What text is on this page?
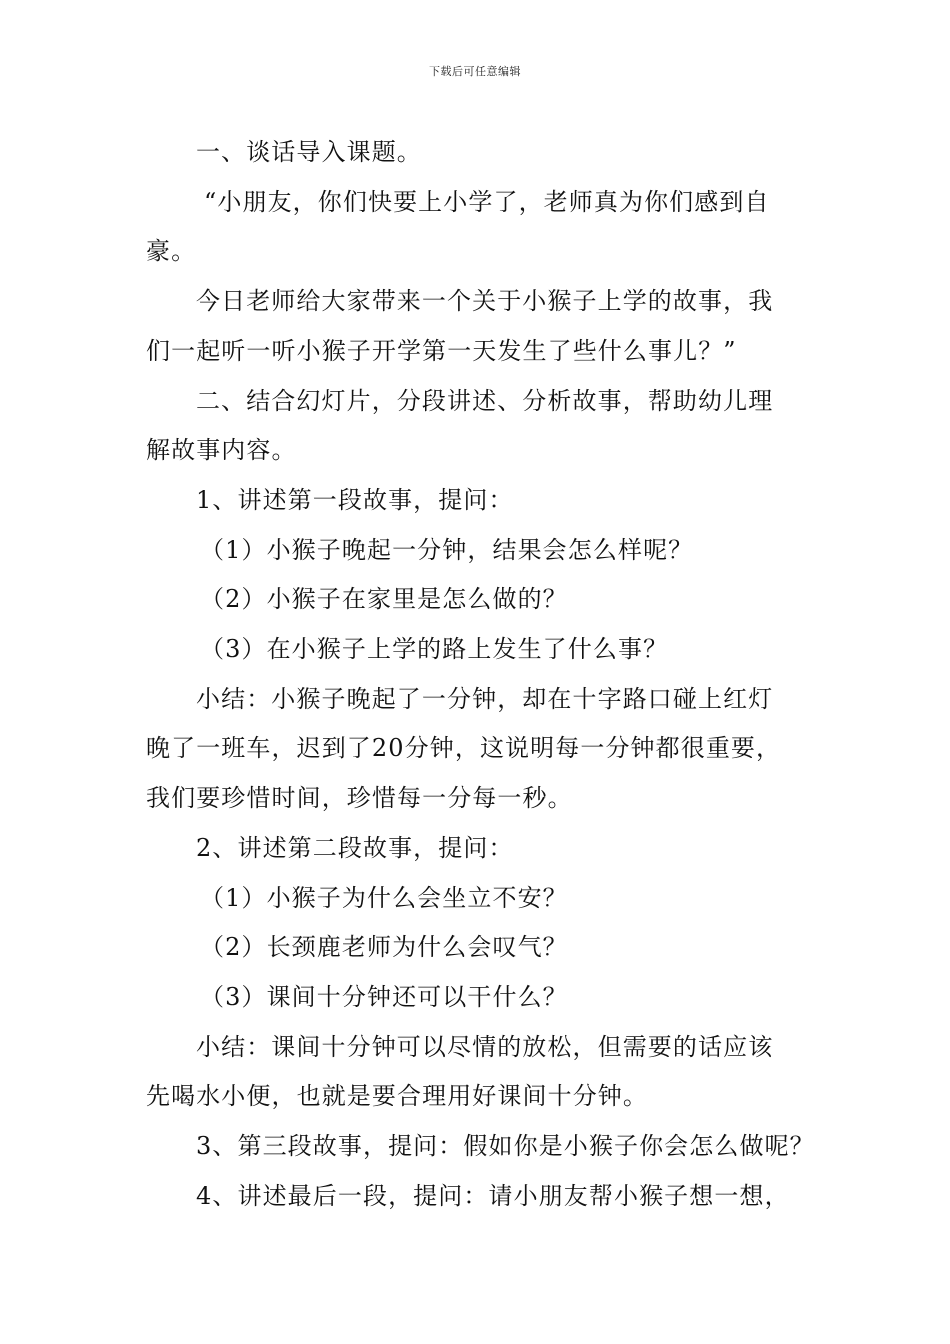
下载后可任意编辑
一、谈话导入课题。
“小朋友，你们快要上小学了，老师真为你们感到自
豪。
今日老师给大家带来一个关于小猴子上学的故事，我
们一起听一听小猴子开学第一天发生了些什么事儿？”
二、结合幻灯片，分段讲述、分析故事，帮助幼儿理
解故事内容。
1、讲述第一段故事，提问：
（1）小猴子晚起一分钟，结果会怎么样呢？
（2）小猴子在家里是怎么做的？
（3）在小猴子上学的路上发生了什么事？
小结：小猴子晚起了一分钟，却在十字路口碰上红灯
晚了一班车，迟到了20分钟，这说明每一分钟都很重要，
我们要珍惜时间，珍惜每一分每一秒。
2、讲述第二段故事，提问：
（1）小猴子为什么会坐立不安？
（2）长颈鹿老师为什么会叹气？
（3）课间十分钟还可以干什么？
小结：课间十分钟可以尽情的放松，但需要的话应该
先喝水小便，也就是要合理用好课间十分钟。
3、第三段故事，提问：假如你是小猴子你会怎么做呢？
4、讲述最后一段，提问：请小朋友帮小猴子想一想，
